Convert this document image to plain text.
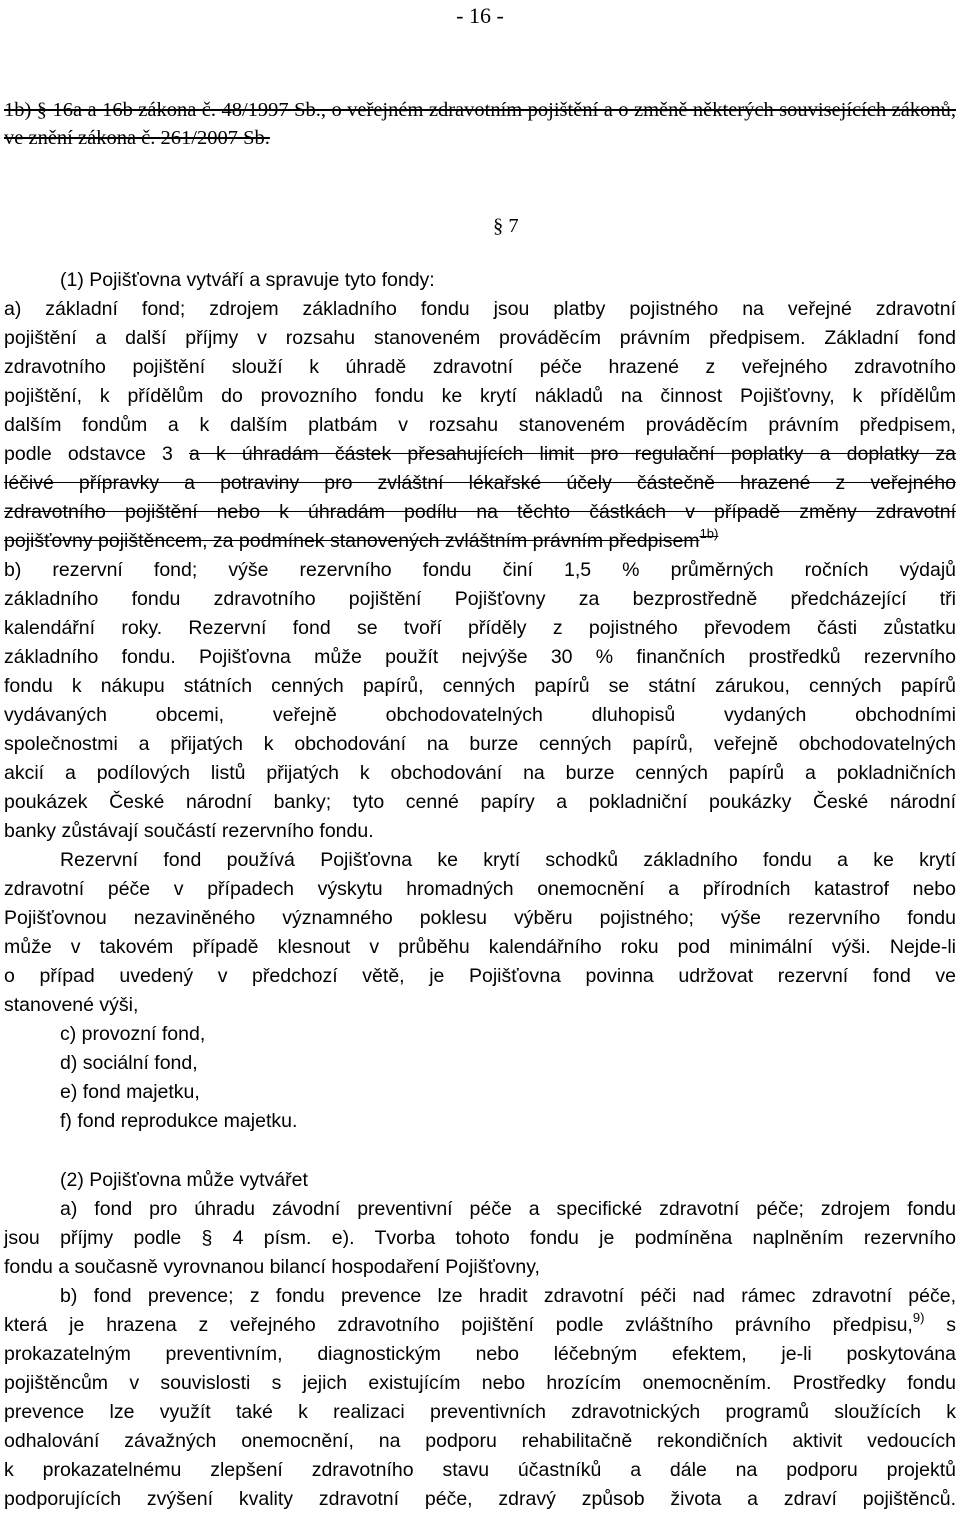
- 16 -
1b) § 16a a 16b zákona č. 48/1997 Sb., o veřejném zdravotním pojištění a o změně některých souvisejících zákonů, ve znění zákona č. 261/2007 Sb.
§ 7
(1) Pojišťovna vytváří a spravuje tyto fondy:
a) základní fond; zdrojem základního fondu jsou platby pojistného na veřejné zdravotní
pojištění a další příjmy v rozsahu stanoveném prováděcím právním předpisem. Základní fond
zdravotního pojištění slouží k úhradě zdravotní péče hrazené z veřejného zdravotního
pojištění, k přídělům do provozního fondu ke krytí nákladů na činnost Pojišťovny, k přídělům
dalším fondům a k dalším platbám v rozsahu stanoveném prováděcím právním předpisem,
podle odstavce 3 a k úhradám částek přesahujících limit pro regulační poplatky a doplatky za
léčivé přípravky a potraviny pro zvláštní lékařské účely částečně hrazené z veřejného
zdravotního pojištění nebo k úhradám podílu na těchto částkách v případě změny zdravotní
pojišťovny pojištěncem, za podmínek stanovených zvláštním právním předpisem$^{1b)}$
b) rezervní fond; výše rezervního fondu činí 1,5 % průměrných ročních výdajů
základního fondu zdravotního pojištění Pojišťovny za bezprostředně předcházející tři
kalendářní roky. Rezervní fond se tvoří příděly z pojistného převodem části zůstatku
základního fondu. Pojišťovna může použít nejvýše 30 % finančních prostředků rezervního
fondu k nákupu státních cenných papírů, cenných papírů se státní zárukou, cenných papírů
vydávaných obcemi, veřejně obchodovatelných dluhopisů vydaných obchodními
společnostmi a přijatých k obchodování na burze cenných papírů, veřejně obchodovatelných
akcií a podílových listů přijatých k obchodování na burze cenných papírů a pokladničních
poukázek České národní banky; tyto cenné papíry a pokladniční poukázky České národní
banky zůstávají součástí rezervního fondu.
Rezervní fond používá Pojišťovna ke krytí schodků základního fondu a ke krytí
zdravotní péče v případech výskytu hromadných onemocnění a přírodních katastrof nebo
Pojišťovnou nezaviněného významného poklesu výběru pojistného; výše rezervního fondu
může v takovém případě klesnout v průběhu kalendářního roku pod minimální výši. Nejde-li
o případ uvedený v předchozí větě, je Pojišťovna povinna udržovat rezervní fond ve
stanovené výši,
c) provozní fond,
d) sociální fond,
e) fond majetku,
f) fond reprodukce majetku.
(2) Pojišťovna může vytvářet
a) fond pro úhradu závodní preventivní péče a specifické zdravotní péče; zdrojem fondu
jsou příjmy podle § 4 písm. e). Tvorba tohoto fondu je podmíněna naplněním rezervního
fondu a současně vyrovnanou bilancí hospodaření Pojišťovny,
b) fond prevence; z fondu prevence lze hradit zdravotní péči nad rámec zdravotní péče,
která je hrazena z veřejného zdravotního pojištění podle zvláštního právního předpisu,$^{9)}$ s
prokazatelným preventivním, diagnostickým nebo léčebným efektem, je-li poskytována
pojištěncům v souvislosti s jejich existujícím nebo hrozícím onemocněním. Prostředky fondu
prevence lze využít také k realizaci preventivních zdravotnických programů sloužících k
odhalování závažných onemocnění, na podporu rehabilitačně rekondičních aktivit vedoucích
k prokazatelnému zlepšení zdravotního stavu účastníků a dále na podporu projektů
podporujících zvýšení kvality zdravotní péče, zdravý způsob života a zdraví pojištěnců.
